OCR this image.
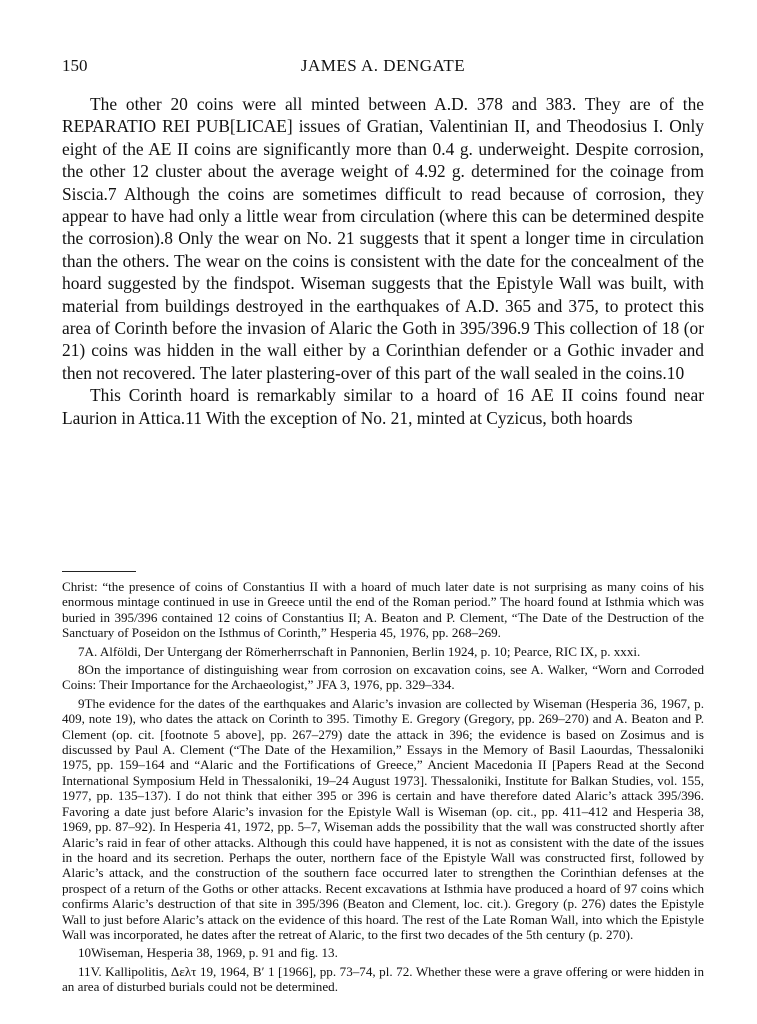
150	JAMES A. DENGATE

The other 20 coins were all minted between A.D. 378 and 383. They are of the REPARATIO REI PUB[LICAE] issues of Gratian, Valentinian II, and Theodosius I. Only eight of the AE II coins are significantly more than 0.4 g. underweight. Despite corrosion, the other 12 cluster about the average weight of 4.92 g. determined for the coinage from Siscia.7 Although the coins are sometimes difficult to read because of corrosion, they appear to have had only a little wear from circulation (where this can be determined despite the corrosion).8 Only the wear on No. 21 suggests that it spent a longer time in circulation than the others. The wear on the coins is consistent with the date for the concealment of the hoard suggested by the findspot. Wiseman suggests that the Epistyle Wall was built, with material from buildings destroyed in the earthquakes of A.D. 365 and 375, to protect this area of Corinth before the invasion of Alaric the Goth in 395/396.9 This collection of 18 (or 21) coins was hidden in the wall either by a Corinthian defender or a Gothic invader and then not recovered. The later plastering-over of this part of the wall sealed in the coins.10

This Corinth hoard is remarkably similar to a hoard of 16 AE II coins found near Laurion in Attica.11 With the exception of No. 21, minted at Cyzicus, both hoards

Christ: “the presence of coins of Constantius II with a hoard of much later date is not surprising as many coins of his enormous mintage continued in use in Greece until the end of the Roman period.” The hoard found at Isthmia which was buried in 395/396 contained 12 coins of Constantius II; A. Beaton and P. Clement, “The Date of the Destruction of the Sanctuary of Poseidon on the Isthmus of Corinth,” Hesperia 45, 1976, pp. 268–269.

7A. Alföldi, Der Untergang der Römerherrschaft in Pannonien, Berlin 1924, p. 10; Pearce, RIC IX, p. xxxi.

8On the importance of distinguishing wear from corrosion on excavation coins, see A. Walker, “Worn and Corroded Coins: Their Importance for the Archaeologist,” JFA 3, 1976, pp. 329–334.

9The evidence for the dates of the earthquakes and Alaric’s invasion are collected by Wiseman (Hesperia 36, 1967, p. 409, note 19), who dates the attack on Corinth to 395. Timothy E. Gregory (Gregory, pp. 269–270) and A. Beaton and P. Clement (op. cit. [footnote 5 above], pp. 267–279) date the attack in 396; the evidence is based on Zosimus and is discussed by Paul A. Clement (“The Date of the Hexamilion,” Essays in the Memory of Basil Laourdas, Thessaloniki 1975, pp. 159–164 and “Alaric and the Fortifications of Greece,” Ancient Macedonia II [Papers Read at the Second International Symposium Held in Thessaloniki, 19–24 August 1973]. Thessaloniki, Institute for Balkan Studies, vol. 155, 1977, pp. 135–137). I do not think that either 395 or 396 is certain and have therefore dated Alaric’s attack 395/396. Favoring a date just before Alaric’s invasion for the Epistyle Wall is Wiseman (op. cit., pp. 411–412 and Hesperia 38, 1969, pp. 87–92). In Hesperia 41, 1972, pp. 5–7, Wiseman adds the possibility that the wall was constructed shortly after Alaric’s raid in fear of other attacks. Although this could have happened, it is not as consistent with the date of the issues in the hoard and its secretion. Perhaps the outer, northern face of the Epistyle Wall was constructed first, followed by Alaric’s attack, and the construction of the southern face occurred later to strengthen the Corinthian defenses at the prospect of a return of the Goths or other attacks. Recent excavations at Isthmia have produced a hoard of 97 coins which confirms Alaric’s destruction of that site in 395/396 (Beaton and Clement, loc. cit.). Gregory (p. 276) dates the Epistyle Wall to just before Alaric’s attack on the evidence of this hoard. The rest of the Late Roman Wall, into which the Epistyle Wall was incorporated, he dates after the retreat of Alaric, to the first two decades of the 5th century (p. 270).

10Wiseman, Hesperia 38, 1969, p. 91 and fig. 13.

11V. Kallipolitis, Δελτ 19, 1964, B′ 1 [1966], pp. 73–74, pl. 72. Whether these were a grave offering or were hidden in an area of disturbed burials could not be determined.
